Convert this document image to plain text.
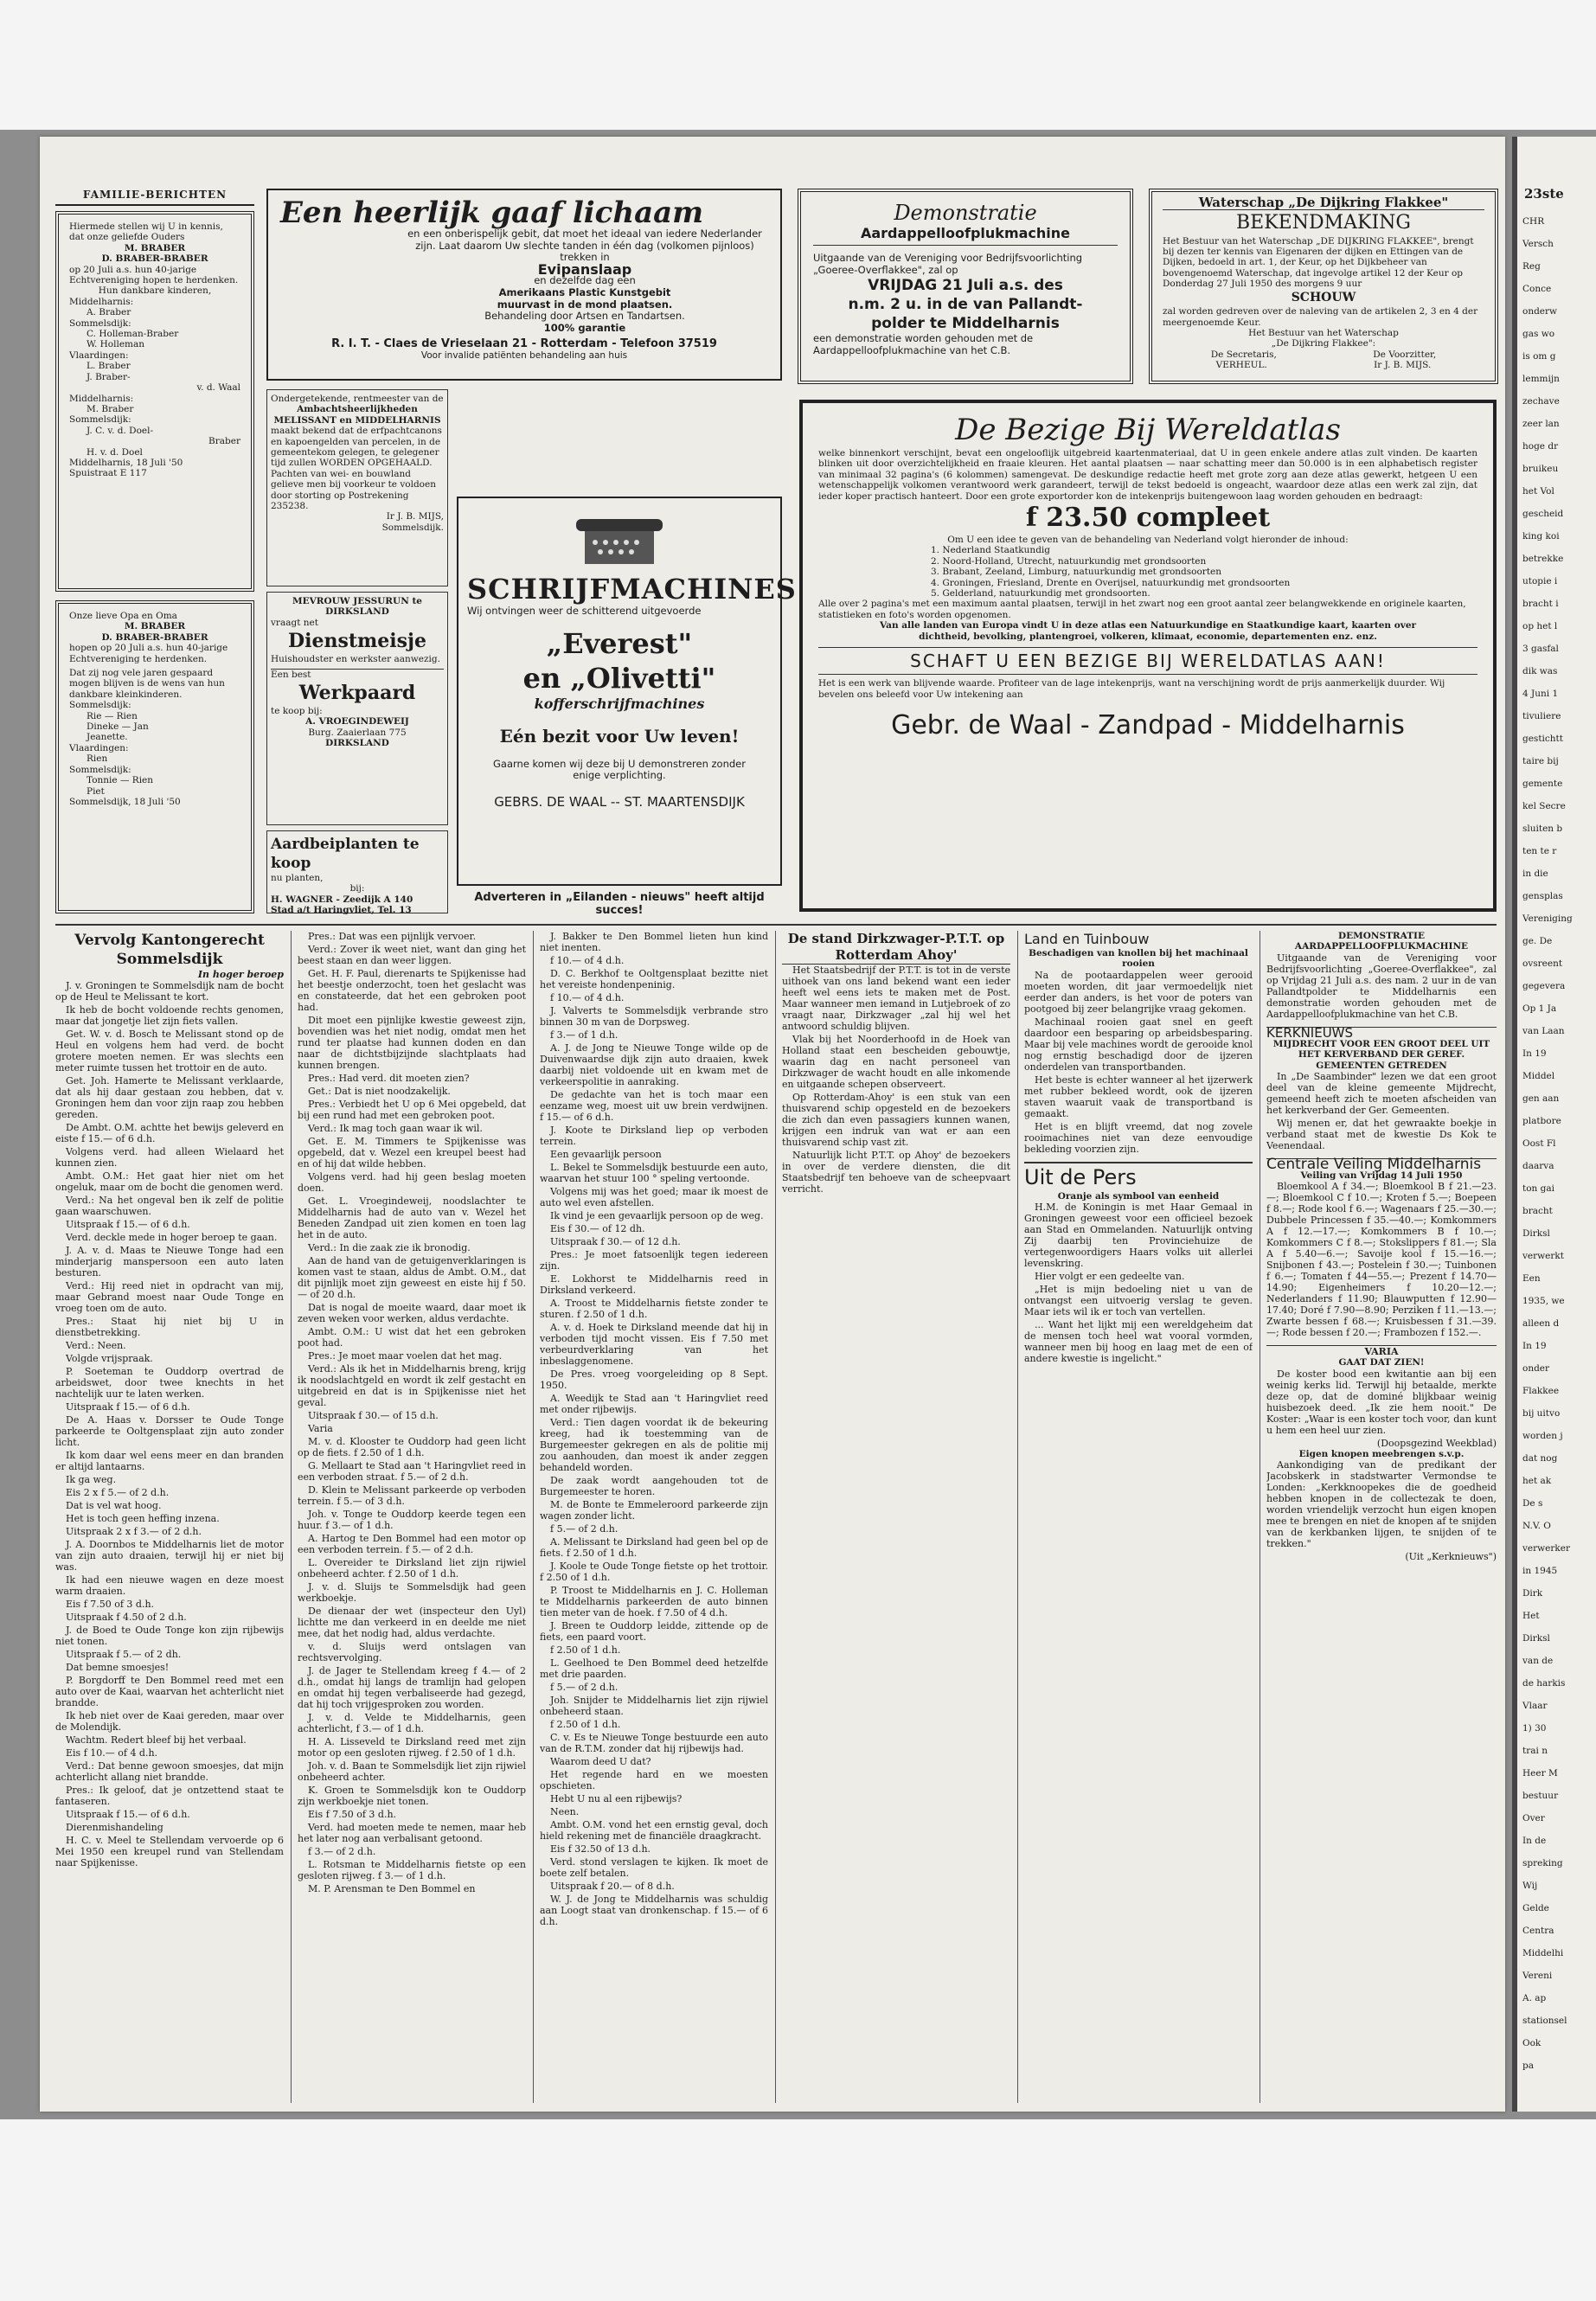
FAMILIE-BERICHTEN
Hiermede stellen wij U in kennis, dat onze geliefde Ouders
M. BRABER
D. BRABER-BRABER
op 20 Juli a.s. hun 40-jarige Echtvereniging hopen te herdenken.
Hun dankbare kinderen,
Middelharnis:
A. Braber
Sommelsdijk:
C. Holleman-Braber
W. Holleman
Vlaardingen:
L. Braber
J. Braber-
v. d. Waal
Middelharnis:
M. Braber
Sommelsdijk:
J. C. v. d. Doel-
Braber
H. v. d. Doel
Middelharnis, 18 Juli '50
Spuistraat E 117
Onze lieve Opa en Oma
M. BRABER
D. BRABER-BRABER
hopen op 20 Juli a.s. hun 40-jarige Echtvereniging te herdenken.
Dat zij nog vele jaren gespaard mogen blijven is de wens van hun dankbare kleinkinderen.
Sommelsdijk:
Rie — Rien
Dineke — Jan
Jeanette.
Vlaardingen:
Rien
Sommelsdijk:
Tonnie — Rien
Piet
Sommelsdijk, 18 Juli '50
Een heerlijk gaaf lichaam
en een onberispelijk gebit, dat moet het ideaal van iedere Nederlander zijn. Laat daarom Uw slechte tanden in één dag (volkomen pijnloos) trekken in
Evipanslaap
en dezelfde dag een
Amerikaans Plastic Kunstgebit
muurvast in de mond plaatsen.
Behandeling door Artsen en Tandartsen.
100% garantie
R. I. T. - Claes de Vrieselaan 21 - Rotterdam - Telefoon 37519
Voor invalide patiënten behandeling aan huis
Ondergetekende, rentmeester van de
Ambachtsheerlijkheden
MELISSANT en MIDDELHARNIS
maakt bekend dat de erfpachtcanons en kapoengelden van percelen, in de gemeentekom gelegen, te gelegener tijd zullen WORDEN OPGEHAALD.
Pachten van wei- en bouwland gelieve men bij voorkeur te voldoen door storting op Postrekening 235238.
Ir J. B. MIJS,
Sommelsdijk.
MEVROUW JESSURUN te DIRKSLAND
vraagt net
Dienstmeisje
Huishoudster en werkster aanwezig.
Een best
Werkpaard
te koop bij:
A. VROEGINDEWEIJ
Burg. Zaaierlaan 775
DIRKSLAND
Aardbeiplanten te koop
nu planten,
bij:
H. WAGNER - Zeedijk A 140
Stad a/t Haringvliet, Tel. 13
SCHRIJFMACHINES
Wij ontvingen weer de schitterend uitgevoerde
„Everest"
en „Olivetti"
kofferschrijfmachines
Eén bezit voor Uw leven!
Gaarne komen wij deze bij U demonstreren zonder enige verplichting.
GEBRS. DE WAAL -- ST. MAARTENSDIJK
Adverteren in „Eilanden - nieuws" heeft altijd succes!
Demonstratie
Aardappelloofplukmachine
Uitgaande van de Vereniging voor Bedrijfsvoorlichting „Goeree-Overflakkee", zal op
VRIJDAG 21 Juli a.s. des
n.m. 2 u. in de van Pallandt-
polder te Middelharnis
een demonstratie worden gehouden met de Aardappelloofplukmachine van het C.B.
Waterschap „De Dijkring Flakkee"
BEKENDMAKING
Het Bestuur van het Waterschap „DE DIJKRING FLAKKEE", brengt bij dezen ter kennis van Eigenaren der dijken en Ettingen van de Dijken, bedoeld in art. 1, der Keur, op het Dijkbeheer van bovengenoemd Waterschap, dat ingevolge artikel 12 der Keur op Donderdag 27 Juli 1950 des morgens 9 uur
SCHOUW
zal worden gedreven over de naleving van de artikelen 2, 3 en 4 der meergenoemde Keur.
Het Bestuur van het Waterschap
„De Dijkring Flakkee":
De Secretaris,	De Voorzitter,
VERHEUL.	Ir J. B. MIJS.
De Bezige Bij Wereldatlas
welke binnenkort verschijnt, bevat een ongelooflijk uitgebreid kaartenmateriaal, dat U in geen enkele andere atlas zult vinden. De kaarten blinken uit door overzichtelijkheid en fraaie kleuren. Het aantal plaatsen — naar schatting meer dan 50.000 is in een alphabetisch register van minimaal 32 pagina's (6 kolommen) samengevat. De deskundige redactie heeft met grote zorg aan deze atlas gewerkt, hetgeen U een wetenschappelijk volkomen verantwoord werk garandeert, terwijl de tekst bedoeld is ongeacht, waardoor deze atlas een werk zal zijn, dat ieder koper practisch hanteert. Door een grote exportorder kon de intekenprijs buitengewoon laag worden gehouden en bedraagt:
f 23.50 compleet
Om U een idee te geven van de behandeling van Nederland volgt hieronder de inhoud:
1. Nederland Staatkundig
2. Noord-Holland, Utrecht, natuurkundig met grondsoorten
3. Brabant, Zeeland, Limburg, natuurkundig met grondsoorten
4. Groningen, Friesland, Drente en Overijsel, natuurkundig met grondsoorten
5. Gelderland, natuurkundig met grondsoorten.
Alle over 2 pagina's met een maximum aantal plaatsen, terwijl in het zwart nog een groot aantal zeer belangwekkende en originele kaarten, statistieken en foto's worden opgenomen.
Van alle landen van Europa vindt U in deze atlas een Natuurkundige en Staatkundige kaart, kaarten over dichtheid, bevolking, plantengroei, volkeren, klimaat, economie, departementen enz. enz.
SCHAFT U EEN BEZIGE BIJ WERELDATLAS AAN!
Het is een werk van blijvende waarde. Profiteer van de lage intekenprijs, want na verschijning wordt de prijs aanmerkelijk duurder. Wij bevelen ons beleefd voor Uw intekening aan
Gebr. de Waal - Zandpad - Middelharnis
Vervolg Kantongerecht Sommelsdijk
In hoger beroep

J. v. Groningen te Sommelsdijk nam de bocht op de Heul te Melissant te kort.

Ik heb de bocht voldoende rechts genomen, maar dat jongetje liet zijn fiets vallen.

Get. W. v. d. Bosch te Melissant stond op de Heul en volgens hem had verd. de bocht grotere moeten nemen. Er was slechts een meter ruimte tussen het trottoir en de auto.

Get. Joh. Hamerte te Melissant verklaarde, dat als hij daar gestaan zou hebben, dat v. Groningen hem dan voor zijn raap zou hebben gereden.

De Ambt. O.M. achtte het bewijs geleverd en eiste f 15.— of 6 d.h.

Volgens verd. had alleen Wielaard het kunnen zien.

Ambt. O.M.: Het gaat hier niet om het ongeluk, maar om de bocht die genomen werd.

Verd.: Na het ongeval ben ik zelf de politie gaan waarschuwen.

Uitspraak f 15.— of 6 d.h.

Verd. deckle mede in hoger beroep te gaan.

J. A. v. d. Maas te Nieuwe Tonge had een minderjarig manspersoon een auto laten besturen.

Verd.: Hij reed niet in opdracht van mij, maar Gebrand moest naar Oude Tonge en vroeg toen om de auto.

Pres.: Staat hij niet bij U in dienstbetrekking.

Verd.: Neen.

Volgde vrijspraak.

P. Soeteman te Ouddorp overtrad de arbeidswet, door twee knechts in het nachtelijk uur te laten werken.

Uitspraak f 15.— of 6 d.h.

De A. Haas v. Dorsser te Oude Tonge parkeerde te Ooltgensplaat zijn auto zonder licht.

Ik kom daar wel eens meer en dan branden er altijd lantaarns.

Ik ga weg.

Eis 2 x f 5.— of 2 d.h.

Dat is vel wat hoog.

Het is toch geen heffing inzena.

Uitspraak 2 x f 3.— of 2 d.h.

J. A. Doornbos te Middelharnis liet de motor van zijn auto draaien, terwijl hij er niet bij was.

Ik had een nieuwe wagen en deze moest warm draaien.

Eis f 7.50 of 3 d.h.

Uitspraak f 4.50 of 2 d.h.

J. de Boed te Oude Tonge kon zijn rijbewijs niet tonen.

Uitspraak f 5.— of 2 dh.

Dat bemne smoesjes!

P. Borgdorff te Den Bommel reed met een auto over de Kaai, waarvan het achterlicht niet brandde.

Ik heb niet over de Kaai gereden, maar over de Molendijk.

Wachtm. Redert bleef bij het verbaal.

Eis f 10.— of 4 d.h.

Verd.: Dat benne gewoon smoesjes, dat mijn achterlicht allang niet brandde.

Pres.: Ik geloof, dat je ontzettend staat te fantaseren.

Uitspraak f 15.— of 6 d.h.

Dierenmishandeling

H. C. v. Meel te Stellendam vervoerde op 6 Mei 1950 een kreupel rund van Stellendam naar Spijkenisse.

Pres.: Dat was een pijnlijk vervoer.

Verd.: Zover ik weet niet, want dan ging het beest staan en dan weer liggen.

Get. H. F. Paul, dierenarts te Spijkenisse had het beestje onderzocht, toen het geslacht was en constateerde, dat het een gebroken poot had.

Dit moet een pijnlijke kwestie geweest zijn, bovendien was het niet nodig, omdat men het rund ter plaatse had kunnen doden en dan naar de dichtstbijzijnde slachtplaats had kunnen brengen.

Pres.: Had verd. dit moeten zien?

Get.: Dat is niet noodzakelijk.

Pres.: Verbiedt het U op 6 Mei opgebeld, dat bij een rund had met een gebroken poot.

Verd.: Ik mag toch gaan waar ik wil.

Get. E. M. Timmers te Spijkenisse was opgebeld, dat v. Wezel een kreupel beest had en of hij dat wilde hebben.

Volgens verd. had hij geen beslag moeten doen.

Get. L. Vroegindeweij, noodslachter te Middelharnis had de auto van v. Wezel het Beneden Zandpad uit zien komen en toen lag het in de auto.

Verd.: In die zaak zie ik bronodig.

Aan de hand van de getuigenverklaringen is komen vast te staan, aldus de Ambt. O.M., dat dit pijnlijk moet zijn geweest en eiste hij f 50.— of 20 d.h.

Dat is nogal de moeite waard, daar moet ik zeven weken voor werken, aldus verdachte.

Ambt. O.M.: U wist dat het een gebroken poot had.

Pres.: Je moet maar voelen dat het mag.

Verd.: Als ik het in Middelharnis breng, krijg ik noodslachtgeld en wordt ik zelf gestacht en uitgebreid en dat is in Spijkenisse niet het geval.

Uitspraak f 30.— of 15 d.h.

Varia

M. v. d. Klooster te Ouddorp had geen licht op de fiets. f 2.50 of 1 d.h.

G. Mellaart te Stad aan 't Haringvliet reed in een verboden straat. f 5.— of 2 d.h.

D. Klein te Melissant parkeerde op verboden terrein. f 5.— of 3 d.h.

Joh. v. Tonge te Ouddorp keerde tegen een huur. f 3.— of 1 d.h.

A. Hartog te Den Bommel had een motor op een verboden terrein. f 5.— of 2 d.h.

L. Overeider te Dirksland liet zijn rijwiel onbeheerd achter. f 2.50 of 1 d.h.

J. v. d. Sluijs te Sommelsdijk had geen werkboekje.

De dienaar der wet (inspecteur den Uyl) lichtte me dan verkeerd in en deelde me niet mee, dat het nodig had, aldus verdachte.

v. d. Sluijs werd ontslagen van rechtsvervolging.

J. de Jager te Stellendam kreeg f 4.— of 2 d.h., omdat hij langs de tramlijn had gelopen en omdat hij tegen verbaliseerde had gezegd, dat hij toch vrijgesproken zou worden.

J. v. d. Velde te Middelharnis, geen achterlicht, f 3.— of 1 d.h.

H. A. Lisseveld te Dirksland reed met zijn motor op een gesloten rijweg. f 2.50 of 1 d.h.

Joh. v. d. Baan te Sommelsdijk liet zijn rijwiel onbeheerd achter.

K. Groen te Sommelsdijk kon te Ouddorp zijn werkboekje niet tonen.

Eis f 7.50 of 3 d.h.

Verd. had moeten mede te nemen, maar heb het later nog aan verbalisant getoond.

f 3.— of 2 d.h.

L. Rotsman te Middelharnis fietste op een gesloten rijweg. f 3.— of 1 d.h.

M. P. Arensman te Den Bommel en

J. Bakker te Den Bommel lieten hun kind niet inenten.

f 10.— of 4 d.h.

D. C. Berkhof te Ooltgensplaat bezitte niet het vereiste hondenpeninig.

f 10.— of 4 d.h.

J. Valverts te Sommelsdijk verbrande stro binnen 30 m van de Dorpsweg.

f 3.— of 1 d.h.

A. J. de Jong te Nieuwe Tonge wilde op de Duivenwaardse dijk zijn auto draaien, kwek daarbij niet voldoende uit en kwam met de verkeerspolitie in aanraking.

De gedachte van het is toch maar een eenzame weg, moest uit uw brein verdwijnen. f 15.— of 6 d.h.

J. Koote te Dirksland liep op verboden terrein.

Een gevaarlijk persoon

L. Bekel te Sommelsdijk bestuurde een auto, waarvan het stuur 100 ° speling vertoonde.

Volgens mij was het goed; maar ik moest de auto wel even afstellen.

Ik vind je een gevaarlijk persoon op de weg.

Eis f 30.— of 12 dh.

Uitspraak f 30.— of 12 d.h.

Pres.: Je moet fatsoenlijk tegen iedereen zijn.

E. Lokhorst te Middelharnis reed in Dirksland verkeerd.

A. Troost te Middelharnis fietste zonder te sturen. f 2.50 of 1 d.h.

A. v. d. Hoek te Dirksland meende dat hij in verboden tijd mocht vissen. Eis f 7.50 met verbeurdverklaring van het inbeslaggenomene.

De Pres. vroeg voorgeleiding op 8 Sept. 1950.

A. Weedijk te Stad aan 't Haringvliet reed met onder rijbewijs.

Verd.: Tien dagen voordat ik de bekeuring kreeg, had ik toestemming van de Burgemeester gekregen en als de politie mij zou aanhouden, dan moest ik ander zeggen behandeld worden.

De zaak wordt aangehouden tot de Burgemeester te horen.

M. de Bonte te Emmeleroord parkeerde zijn wagen zonder licht.

f 5.— of 2 d.h.

A. Melissant te Dirksland had geen bel op de fiets. f 2.50 of 1 d.h.

J. Koole te Oude Tonge fietste op het trottoir. f 2.50 of 1 d.h.

P. Troost te Middelharnis en J. C. Holleman te Middelharnis parkeerden de auto binnen tien meter van de hoek. f 7.50 of 4 d.h.

J. Breen te Ouddorp leidde, zittende op de fiets, een paard voort.

f 2.50 of 1 d.h.

L. Geelhoed te Den Bommel deed hetzelfde met drie paarden.

f 5.— of 2 d.h.

Joh. Snijder te Middelharnis liet zijn rijwiel onbeheerd staan.

f 2.50 of 1 d.h.

C. v. Es te Nieuwe Tonge bestuurde een auto van de R.T.M. zonder dat hij rijbewijs had.

Waarom deed U dat?

Het regende hard en we moesten opschieten.

Hebt U nu al een rijbewijs?

Neen.

Ambt. O.M. vond het een ernstig geval, doch hield rekening met de financiële draagkracht.

Eis f 32.50 of 13 d.h.

Verd. stond verslagen te kijken. Ik moet de boete zelf betalen.

Uitspraak f 20.— of 8 d.h.

W. J. de Jong te Middelharnis was schuldig aan Loogt staat van dronkenschap. f 15.— of 6 d.h.

De stand Dirkzwager-P.T.T. op Rotterdam Ahoy'

Het Staatsbedrijf der P.T.T. is tot in de verste uithoek van ons land bekend want een ieder heeft wel eens iets te maken met de Post. Maar wanneer men iemand in Lutjebroek of zo vraagt naar, Dirkzwager „zal hij wel het antwoord schuldig blijven.

Vlak bij het Noorderhoofd in de Hoek van Holland staat een bescheiden gebouwtje, waarin dag en nacht personeel van Dirkzwager de wacht houdt en alle inkomende en uitgaande schepen observeert.

Op Rotterdam-Ahoy' is een stuk van een thuisvarend schip opgesteld en de bezoekers die zich dan even passagiers kunnen wanen, krijgen een indruk van wat er aan een thuisvarend schip vast zit.

Natuurlijk licht P.T.T. op Ahoy' de bezoekers in over de verdere diensten, die dit Staatsbedrijf ten behoeve van de scheepvaart verricht.

Land en Tuinbouw
Beschadigen van knollen bij het machinaal rooien

Na de pootaardappelen weer gerooid moeten worden, dit jaar vermoedelijk niet eerder dan anders, is het voor de poters van pootgoed bij zeer belangrijke vraag gekomen.

Machinaal rooien gaat snel en geeft daardoor een besparing op arbeidsbesparing. Maar bij vele machines wordt de gerooide knol nog ernstig beschadigd door de ijzeren onderdelen van transportbanden.

Het beste is echter wanneer al het ijzerwerk met rubber bekleed wordt, ook de ijzeren staven waaruit vaak de transportband is gemaakt.

Het is en blijft vreemd, dat nog zovele rooimachines niet van deze eenvoudige bekleding voorzien zijn.

Uit de Pers
Oranje als symbool van eenheid

H.M. de Koningin is met Haar Gemaal in Groningen geweest voor een officieel bezoek aan Stad en Ommelanden. Natuurlijk ontving Zij daarbij ten Provinciehuize de vertegenwoordigers Haars volks uit allerlei levenskring.

Hier volgt er een gedeelte van.

„Het is mijn bedoeling niet u van de ontvangst een uitvoerig verslag te geven. Maar iets wil ik er toch van vertellen.

... Want het lijkt mij een wereldgeheim dat de mensen toch heel wat vooral vormden, wanneer men bij hoog en laag met de een of andere kwestie is ingelicht."

DEMONSTRATIE AARDAPPELLOOFPLUKMACHINE

Uitgaande van de Vereniging voor Bedrijfsvoorlichting „Goeree-Overflakkee", zal op Vrijdag 21 Juli a.s. des nam. 2 uur in de van Pallandtpolder te Middelharnis een demonstratie worden gehouden met de Aardappelloofplukmachine van het C.B.

KERKNIEUWS
MIJDRECHT VOOR EEN GROOT DEEL UIT HET KERVERBAND DER GEREF. GEMEENTEN GETREDEN

In „De Saambinder" lezen we dat een groot deel van de kleine gemeente Mijdrecht, gemeend heeft zich te moeten afscheiden van het kerkverband der Ger. Gemeenten.

Wij menen er, dat het gewraakte boekje in verband staat met de kwestie Ds Kok te Veenendaal.

Centrale Veiling Middelharnis
Veiling van Vrijdag 14 Juli 1950

Bloemkool A f 34.—; Bloemkool B f 21.—23.—; Bloemkool C f 10.—; Kroten f 5.—; Boepeen f 8.—; Rode kool f 6.—; Wagenaars f 25.—30.—; Dubbele Princessen f 35.—40.—; Komkommers A f 12.—17.—; Komkommers B f 10.—; Komkommers C f 8.—; Stokslippers f 81.—; Sla A f 5.40—6.—; Savoije kool f 15.—16.—; Snijbonen f 43.—; Postelein f 30.—; Tuinbonen f 6.—; Tomaten f 44—55.—; Prezent f 14.70—14.90; Eigenheimers f 10.20—12.—; Nederlanders f 11.90; Blauwputten f 12.90—17.40; Doré f 7.90—8.90; Perziken f 11.—13.—; Zwarte bessen f 68.—; Kruisbessen f 31.—39.—; Rode bessen f 20.—; Frambozen f 152.—.

VARIA
GAAT DAT ZIEN!

De koster bood een kwitantie aan bij een weinig kerks lid. Terwijl hij betaalde, merkte deze op, dat de dominé blijkbaar weinig huisbezoek deed. „Ik zie hem nooit." De Koster: „Waar is een koster toch voor, dan kunt u hem een heel uur zien.

(Doopsgezind Weekblad)
Eigen knopen meebrengen s.v.p.

Aankondiging van de predikant der Jacobskerk in stadstwarter Vermondse te Londen: „Kerkknoopekes die de goedheid hebben knopen in de collectezak te doen, worden vriendelijk verzocht hun eigen knopen mee te brengen en niet de knopen af te snijden van de kerkbanken lijgen, te snijden of te trekken."

(Uit „Kerknieuws")
23ste
CHR
Versch
Reg
Conce
onderw
gas wo
is om g
lemmijn
zechave
zeer lan
hoge dr
bruikeu
het Vol
gescheid
king koi
betrekke
utopie i
bracht i
op het l
3 gasfal
dik was
4 Juni 1
tivuliere
gestichtt
taire bij
gemente
kel Secre
sluiten b
ten te r
in die
gensplas
Vereniging
ge. De
ovsreent
gegevera
Op 1 Ja
van Laan
In 19
Middel
gen aan
platbore
Oost Fl
daarva
ton gai
bracht
Dirksl
verwerkt
Een
1935, we
alleen d
In 19
onder
Flakkee
bij uitvo
worden j
dat nog
het ak
De s
N.V. O
verwerker
in 1945
Dirk
Het
Dirksl
van de
de harkis
Vlaar
1) 30
trai n
Heer M
bestuur
Over
In de
spreking
Wij
Gelde
Centra
Middelhi
Vereni
A. ap
stationsel
Ook
pa
